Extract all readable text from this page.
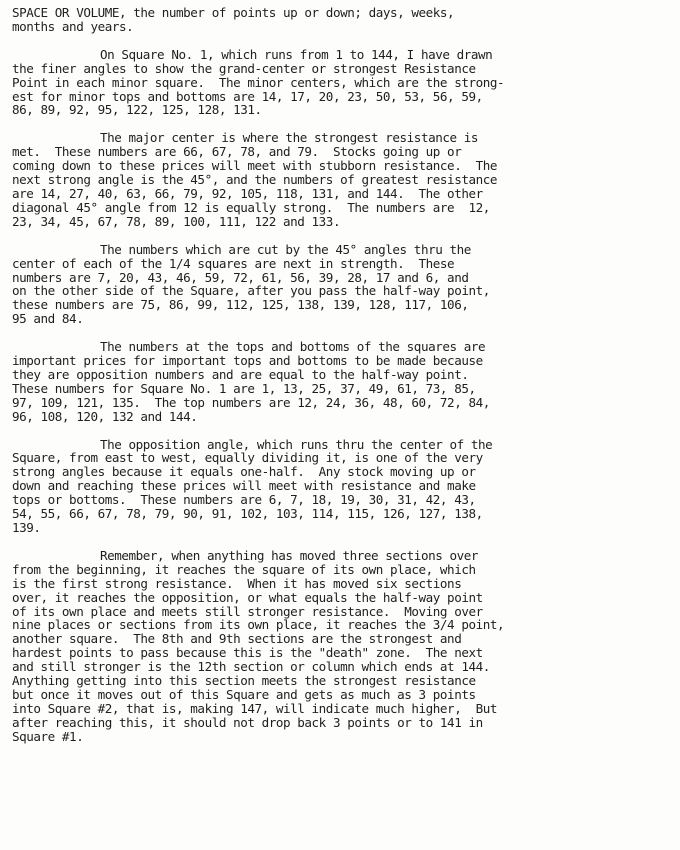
SPACE OR VOLUME, the number of points up or down; days, weeks,
months and years.
On Square No. 1, which runs from 1 to 144, I have drawn
the finer angles to show the grand-center or strongest Resistance
Point in each minor square.  The minor centers, which are the strong-
est for minor tops and bottoms are 14, 17, 20, 23, 50, 53, 56, 59,
86, 89, 92, 95, 122, 125, 128, 131.
The major center is where the strongest resistance is
met.  These numbers are 66, 67, 78, and 79.  Stocks going up or
coming down to these prices will meet with stubborn resistance.  The
next strong angle is the 45°, and the numbers of greatest resistance
are 14, 27, 40, 63, 66, 79, 92, 105, 118, 131, and 144.  The other
diagonal 45° angle from 12 is equally strong.  The numbers are  12,
23, 34, 45, 67, 78, 89, 100, 111, 122 and 133.
The numbers which are cut by the 45° angles thru the
center of each of the 1/4 squares are next in strength.  These
numbers are 7, 20, 43, 46, 59, 72, 61, 56, 39, 28, 17 and 6, and
on the other side of the Square, after you pass the half-way point,
these numbers are 75, 86, 99, 112, 125, 138, 139, 128, 117, 106,
95 and 84.
The numbers at the tops and bottoms of the squares are
important prices for important tops and bottoms to be made because
they are opposition numbers and are equal to the half-way point.
These numbers for Square No. 1 are 1, 13, 25, 37, 49, 61, 73, 85,
97, 109, 121, 135.  The top numbers are 12, 24, 36, 48, 60, 72, 84,
96, 108, 120, 132 and 144.
The opposition angle, which runs thru the center of the
Square, from east to west, equally dividing it, is one of the very
strong angles because it equals one-half.  Any stock moving up or
down and reaching these prices will meet with resistance and make
tops or bottoms.  These numbers are 6, 7, 18, 19, 30, 31, 42, 43,
54, 55, 66, 67, 78, 79, 90, 91, 102, 103, 114, 115, 126, 127, 138,
139.
Remember, when anything has moved three sections over
from the beginning, it reaches the square of its own place, which
is the first strong resistance.  When it has moved six sections
over, it reaches the opposition, or what equals the half-way point
of its own place and meets still stronger resistance.  Moving over
nine places or sections from its own place, it reaches the 3/4 point,
another square.  The 8th and 9th sections are the strongest and
hardest points to pass because this is the "death" zone.  The next
and still stronger is the 12th section or column which ends at 144.
Anything getting into this section meets the strongest resistance
but once it moves out of this Square and gets as much as 3 points
into Square #2, that is, making 147, will indicate much higher,  But
after reaching this, it should not drop back 3 points or to 141 in
Square #1.
